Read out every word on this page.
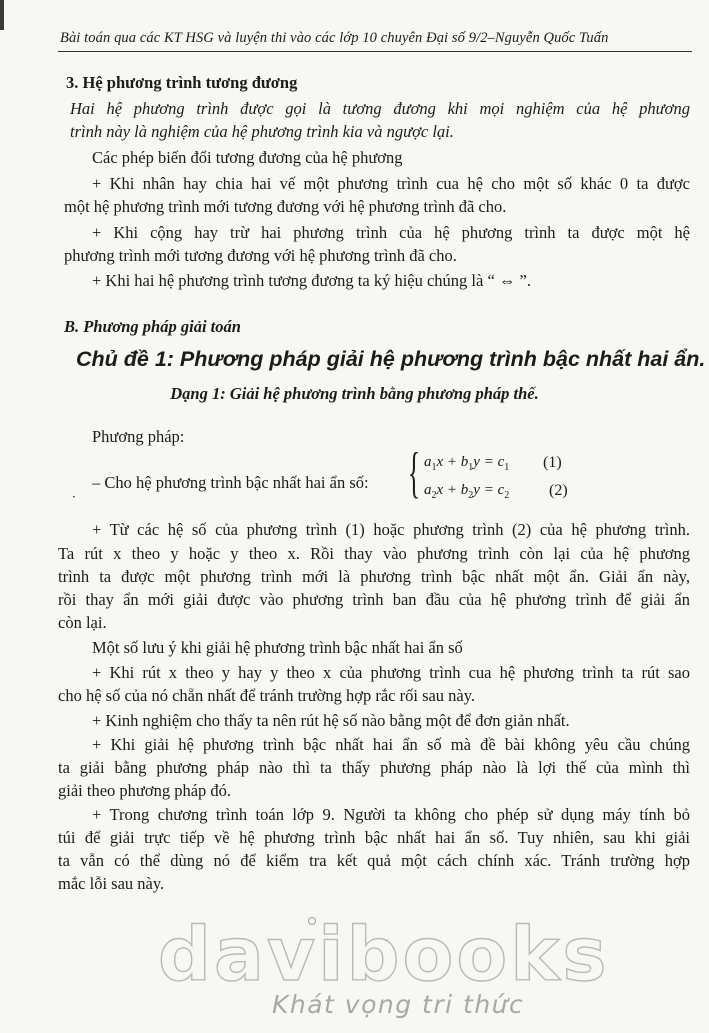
Bài toán qua các KT HSG và luyện thi vào các lớp 10 chuyên Đại số 9/2–Nguyễn Quốc Tuấn
3. Hệ phương trình tương đương
Hai hệ phương trình được gọi là tương đương khi mọi nghiệm của hệ phương
trình này là nghiệm của hệ phương trình kia và ngược lại.
Các phép biến đổi tương đương của hệ phương
+ Khi nhân hay chia hai vế một phương trình cua hệ cho một số khác 0 ta được
một hệ phương trình mới tương đương với hệ phương trình đã cho.
+ Khi cộng hay trừ hai phương trình của hệ phương trình ta được một hệ
phương trình mới tương đương với hệ phương trình đã cho.
+ Khi hai hệ phương trình tương đương ta ký hiệu chúng là “ ⇔ ”.
B. Phương pháp giải toán
Chủ đề 1: Phương pháp giải hệ phương trình bậc nhất hai ẩn.
Dạng 1: Giải hệ phương trình bằng phương pháp thế.
Phương pháp:
– Cho hệ phương trình bậc nhất hai ẩn số:
·	{ $a_1x + b_1y = c_1$ (1)
$a_2x + b_2y = c_2$ (2)
+ Từ các hệ số của phương trình (1) hoặc phương trình (2) của hệ phương trình.
Ta rút x theo y hoặc y theo x. Rồi thay vào phương trình còn lại của hệ phương
trình ta được một phương trình mới là phương trình bậc nhất một ẩn. Giải ẩn này,
rồi thay ẩn mới giải được vào phương trình ban đầu của hệ phương trình để giải ẩn
còn lại.
Một số lưu ý khi giải hệ phương trình bậc nhất hai ẩn số
+ Khi rút x theo y hay y theo x của phương trình cua hệ phương trình ta rút sao
cho hệ số của nó chẵn nhất để tránh trường hợp rắc rối sau này.
+ Kinh nghiệm cho thấy ta nên rút hệ số nào bằng một để đơn giản nhất.
+ Khi giải hệ phương trình bậc nhất hai ẩn số mà đề bài không yêu cầu chúng
ta giải bằng phương pháp nào thì ta thấy phương pháp nào là lợi thế của mình thì
giải theo phương pháp đó.
+ Trong chương trình toán lớp 9. Người ta không cho phép sử dụng máy tính bỏ
túi để giải trực tiếp về hệ phương trình bậc nhất hai ẩn số. Tuy nhiên, sau khi giải
ta vẫn có thể dùng nó để kiểm tra kết quả một cách chính xác. Tránh trường hợp
mắc lỗi sau này.
davibooks
Khát vọng tri thức
